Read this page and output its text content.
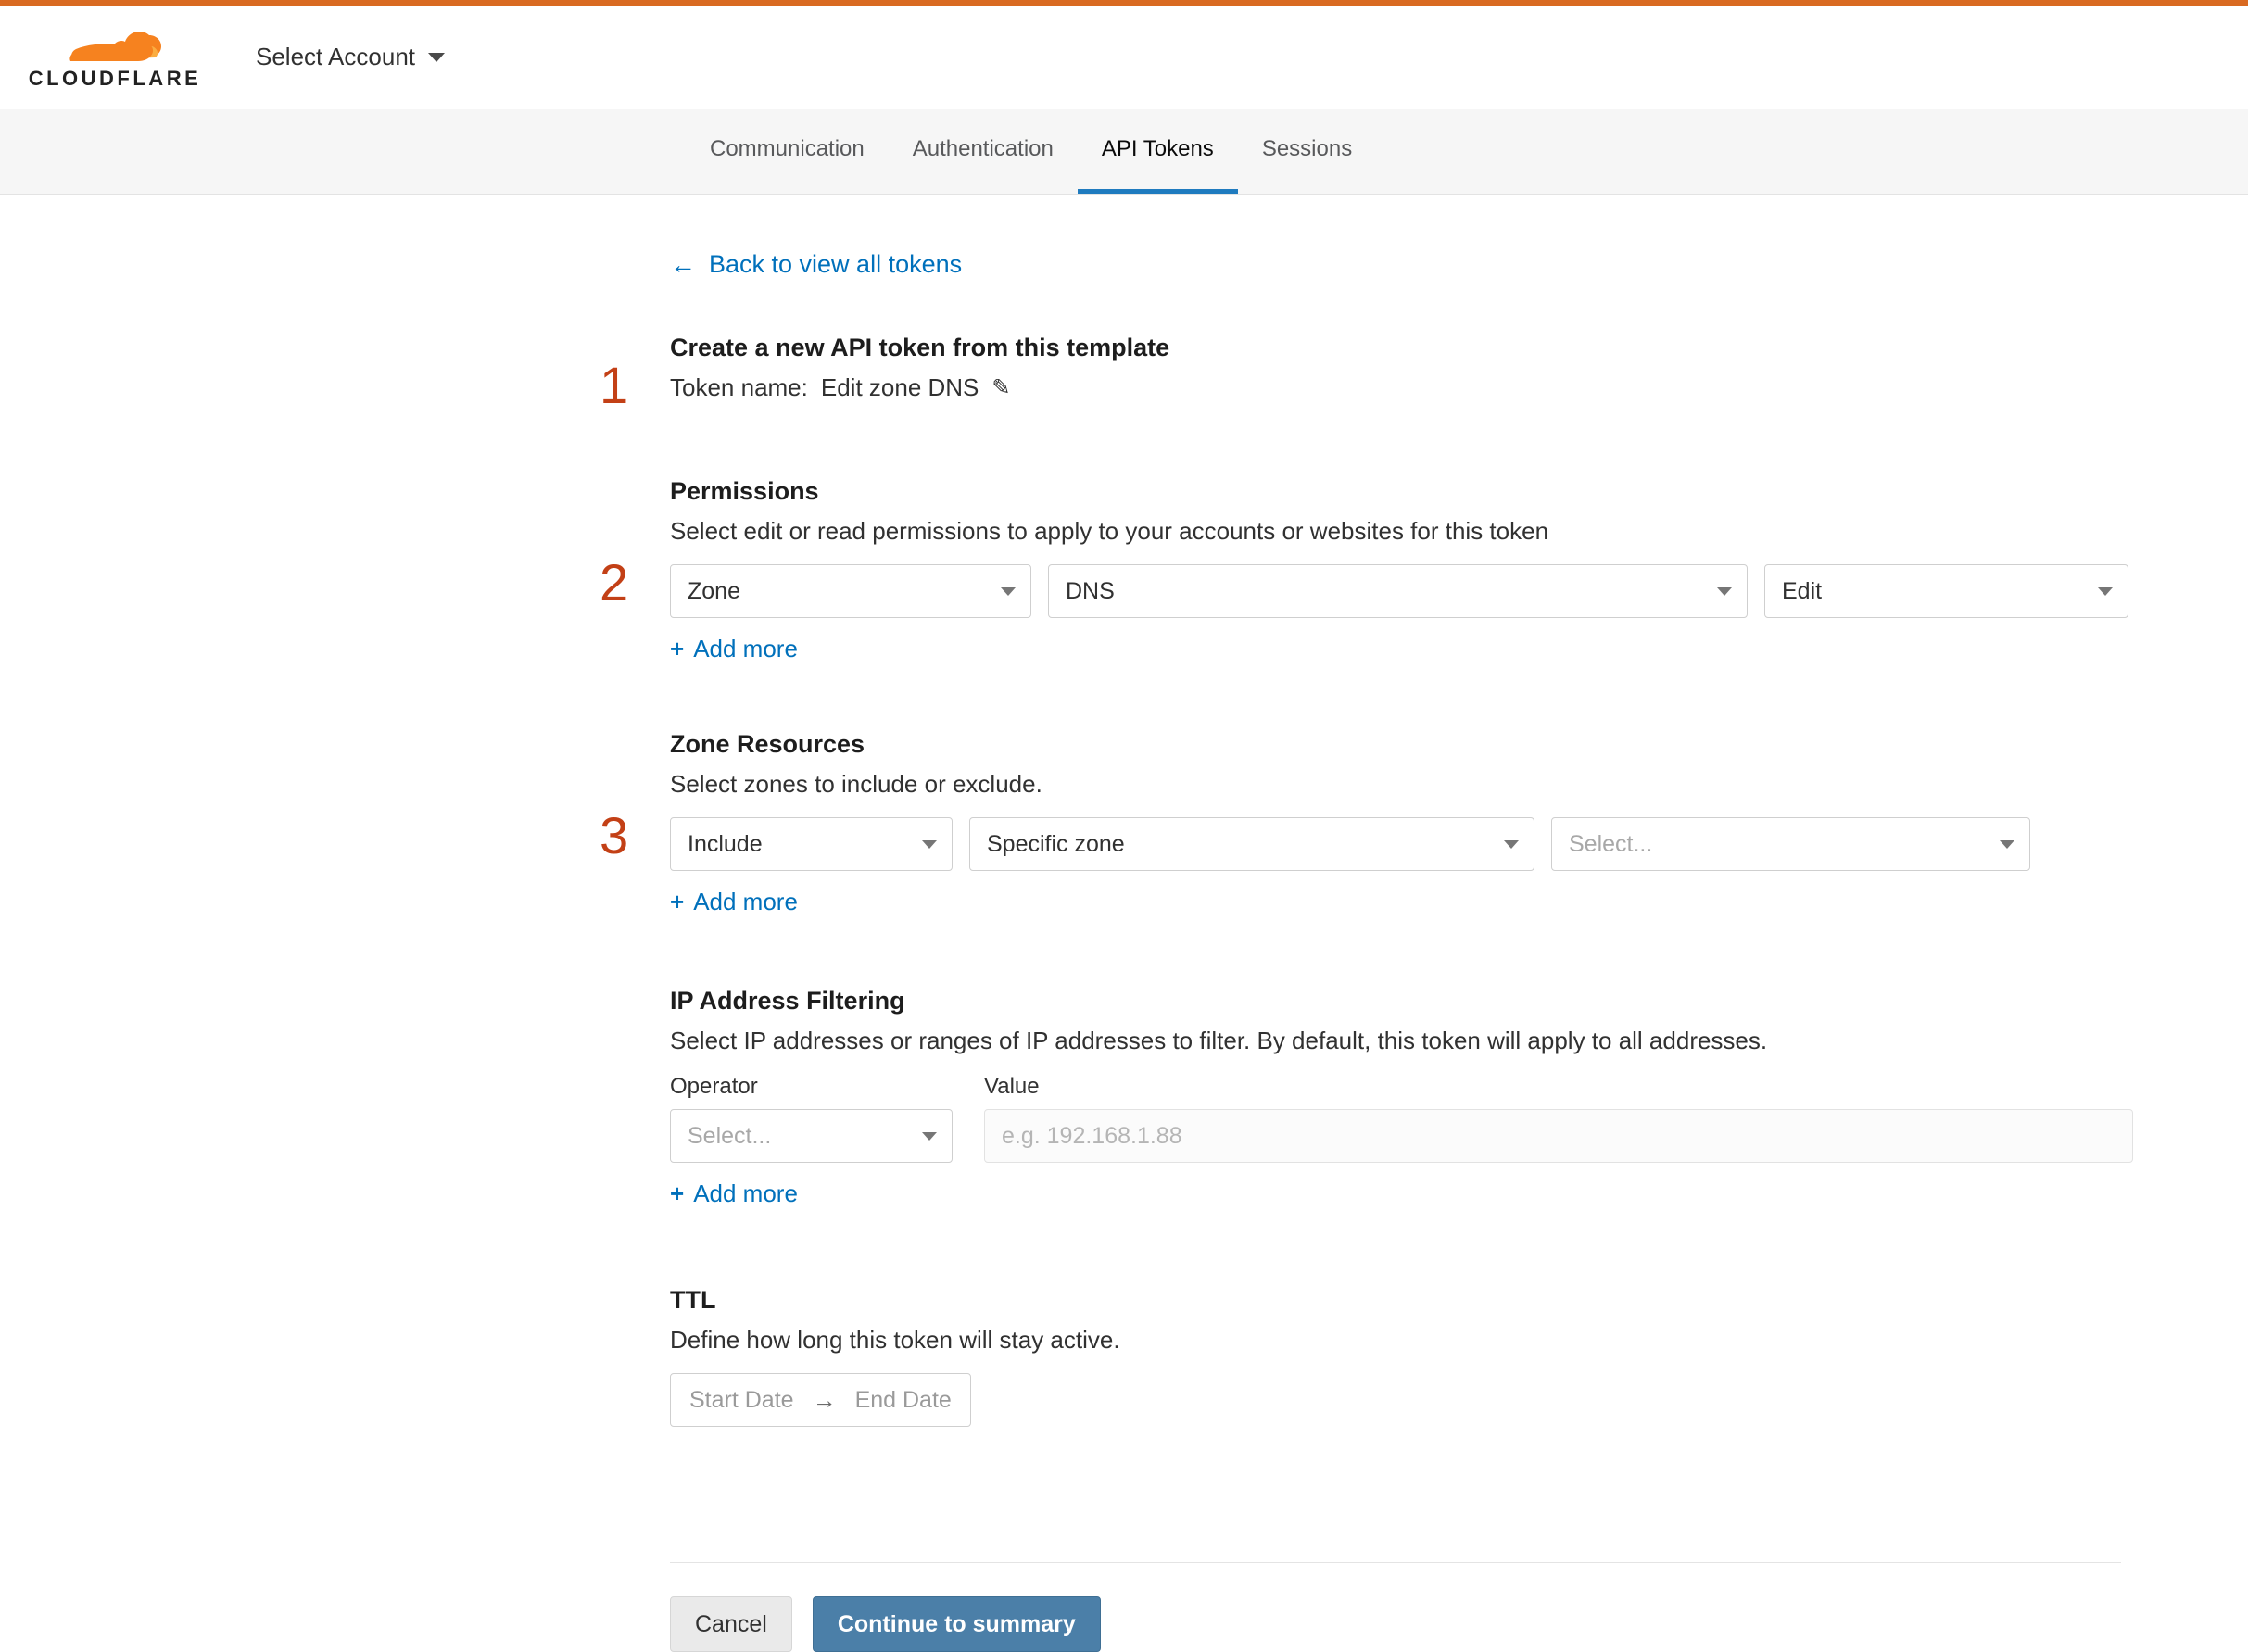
CLOUDFLARE
Select Account
Communication Authentication API Tokens Sessions
← Back to view all tokens
1
Create a new API token from this template
Token name: Edit zone DNS ✎
2
Permissions

Select edit or read permissions to apply to your accounts or websites for this token

Zone	DNS	Edit
+ Add more
3
Zone Resources

Select zones to include or exclude.

Include	Specific zone	Select...
+ Add more
IP Address Filtering

Select IP addresses or ranges of IP addresses to filter. By default, this token will apply to all addresses.

Operator
Select...
Value
e.g. 192.168.1.88
+ Add more
TTL

Define how long this token will stay active.

Start Date → End Date
Cancel	Continue to summary
